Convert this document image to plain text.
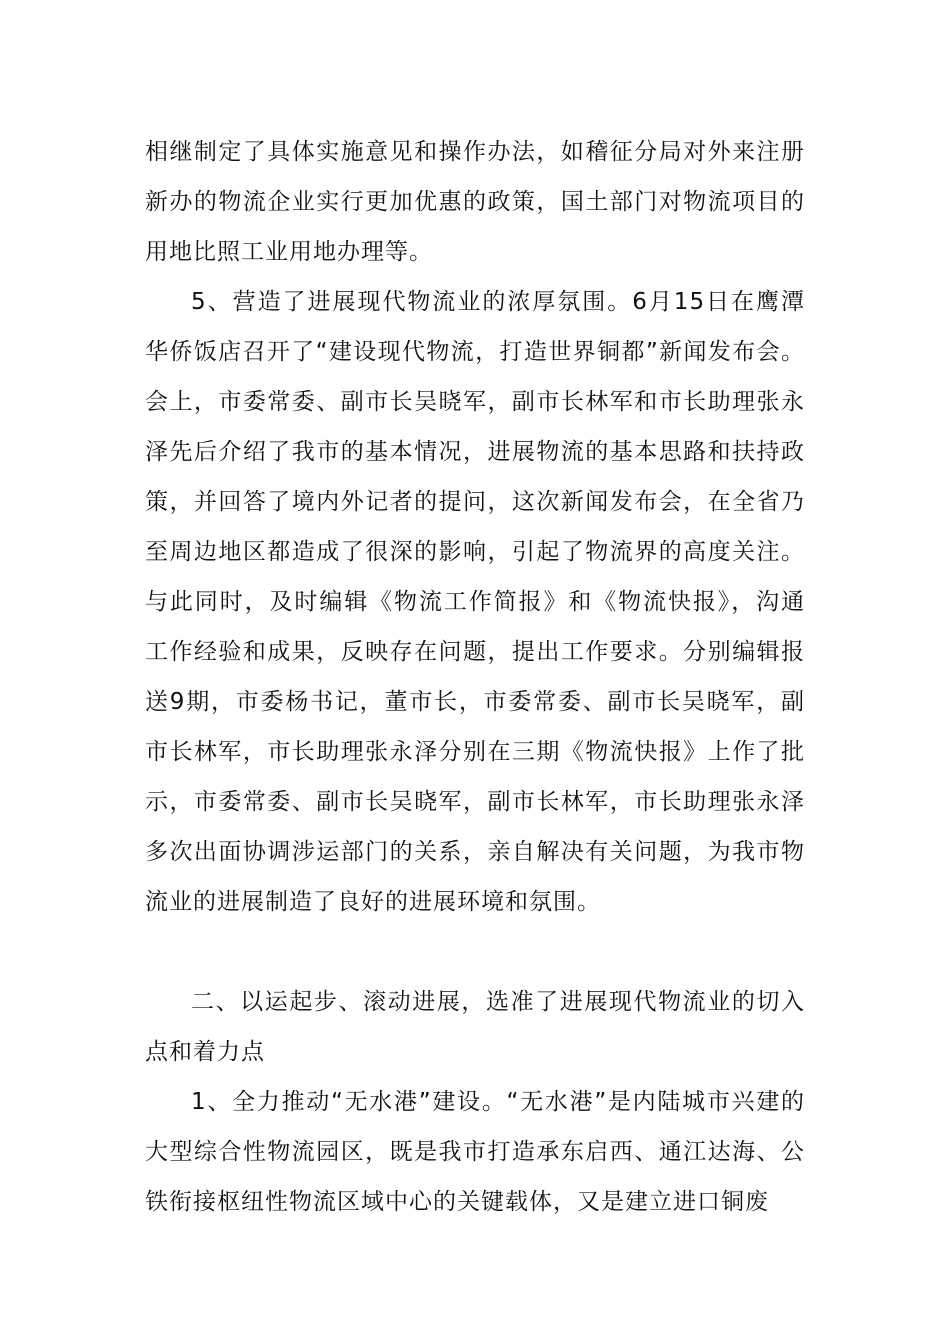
相继制定了具体实施意见和操作办法，如稽征分局对外来注册新办的物流企业实行更加优惠的政策，国土部门对物流项目的用地比照工业用地办理等。

5、营造了进展现代物流业的浓厚氛围。6月15日在鹰潭华侨饭店召开了“建设现代物流，打造世界铜都”新闻发布会。会上，市委常委、副市长吴晓军，副市长林军和市长助理张永泽先后介绍了我市的基本情况，进展物流的基本思路和扶持政策，并回答了境内外记者的提问，这次新闻发布会，在全省乃至周边地区都造成了很深的影响，引起了物流界的高度关注。与此同时，及时编辑《物流工作简报》和《物流快报》，沟通工作经验和成果，反映存在问题，提出工作要求。分别编辑报送9期，市委杨书记，董市长，市委常委、副市长吴晓军，副市长林军，市长助理张永泽分别在三期《物流快报》上作了批示，市委常委、副市长吴晓军，副市长林军，市长助理张永泽多次出面协调涉运部门的关系，亲自解决有关问题，为我市物流业的进展制造了良好的进展环境和氛围。

二、以运起步、滚动进展，选准了进展现代物流业的切入点和着力点

1、全力推动“无水港”建设。“无水港”是内陆城市兴建的大型综合性物流园区，既是我市打造承东启西、通江达海、公铁衔接枢纽性物流区域中心的关键载体，又是建立进口铜废
